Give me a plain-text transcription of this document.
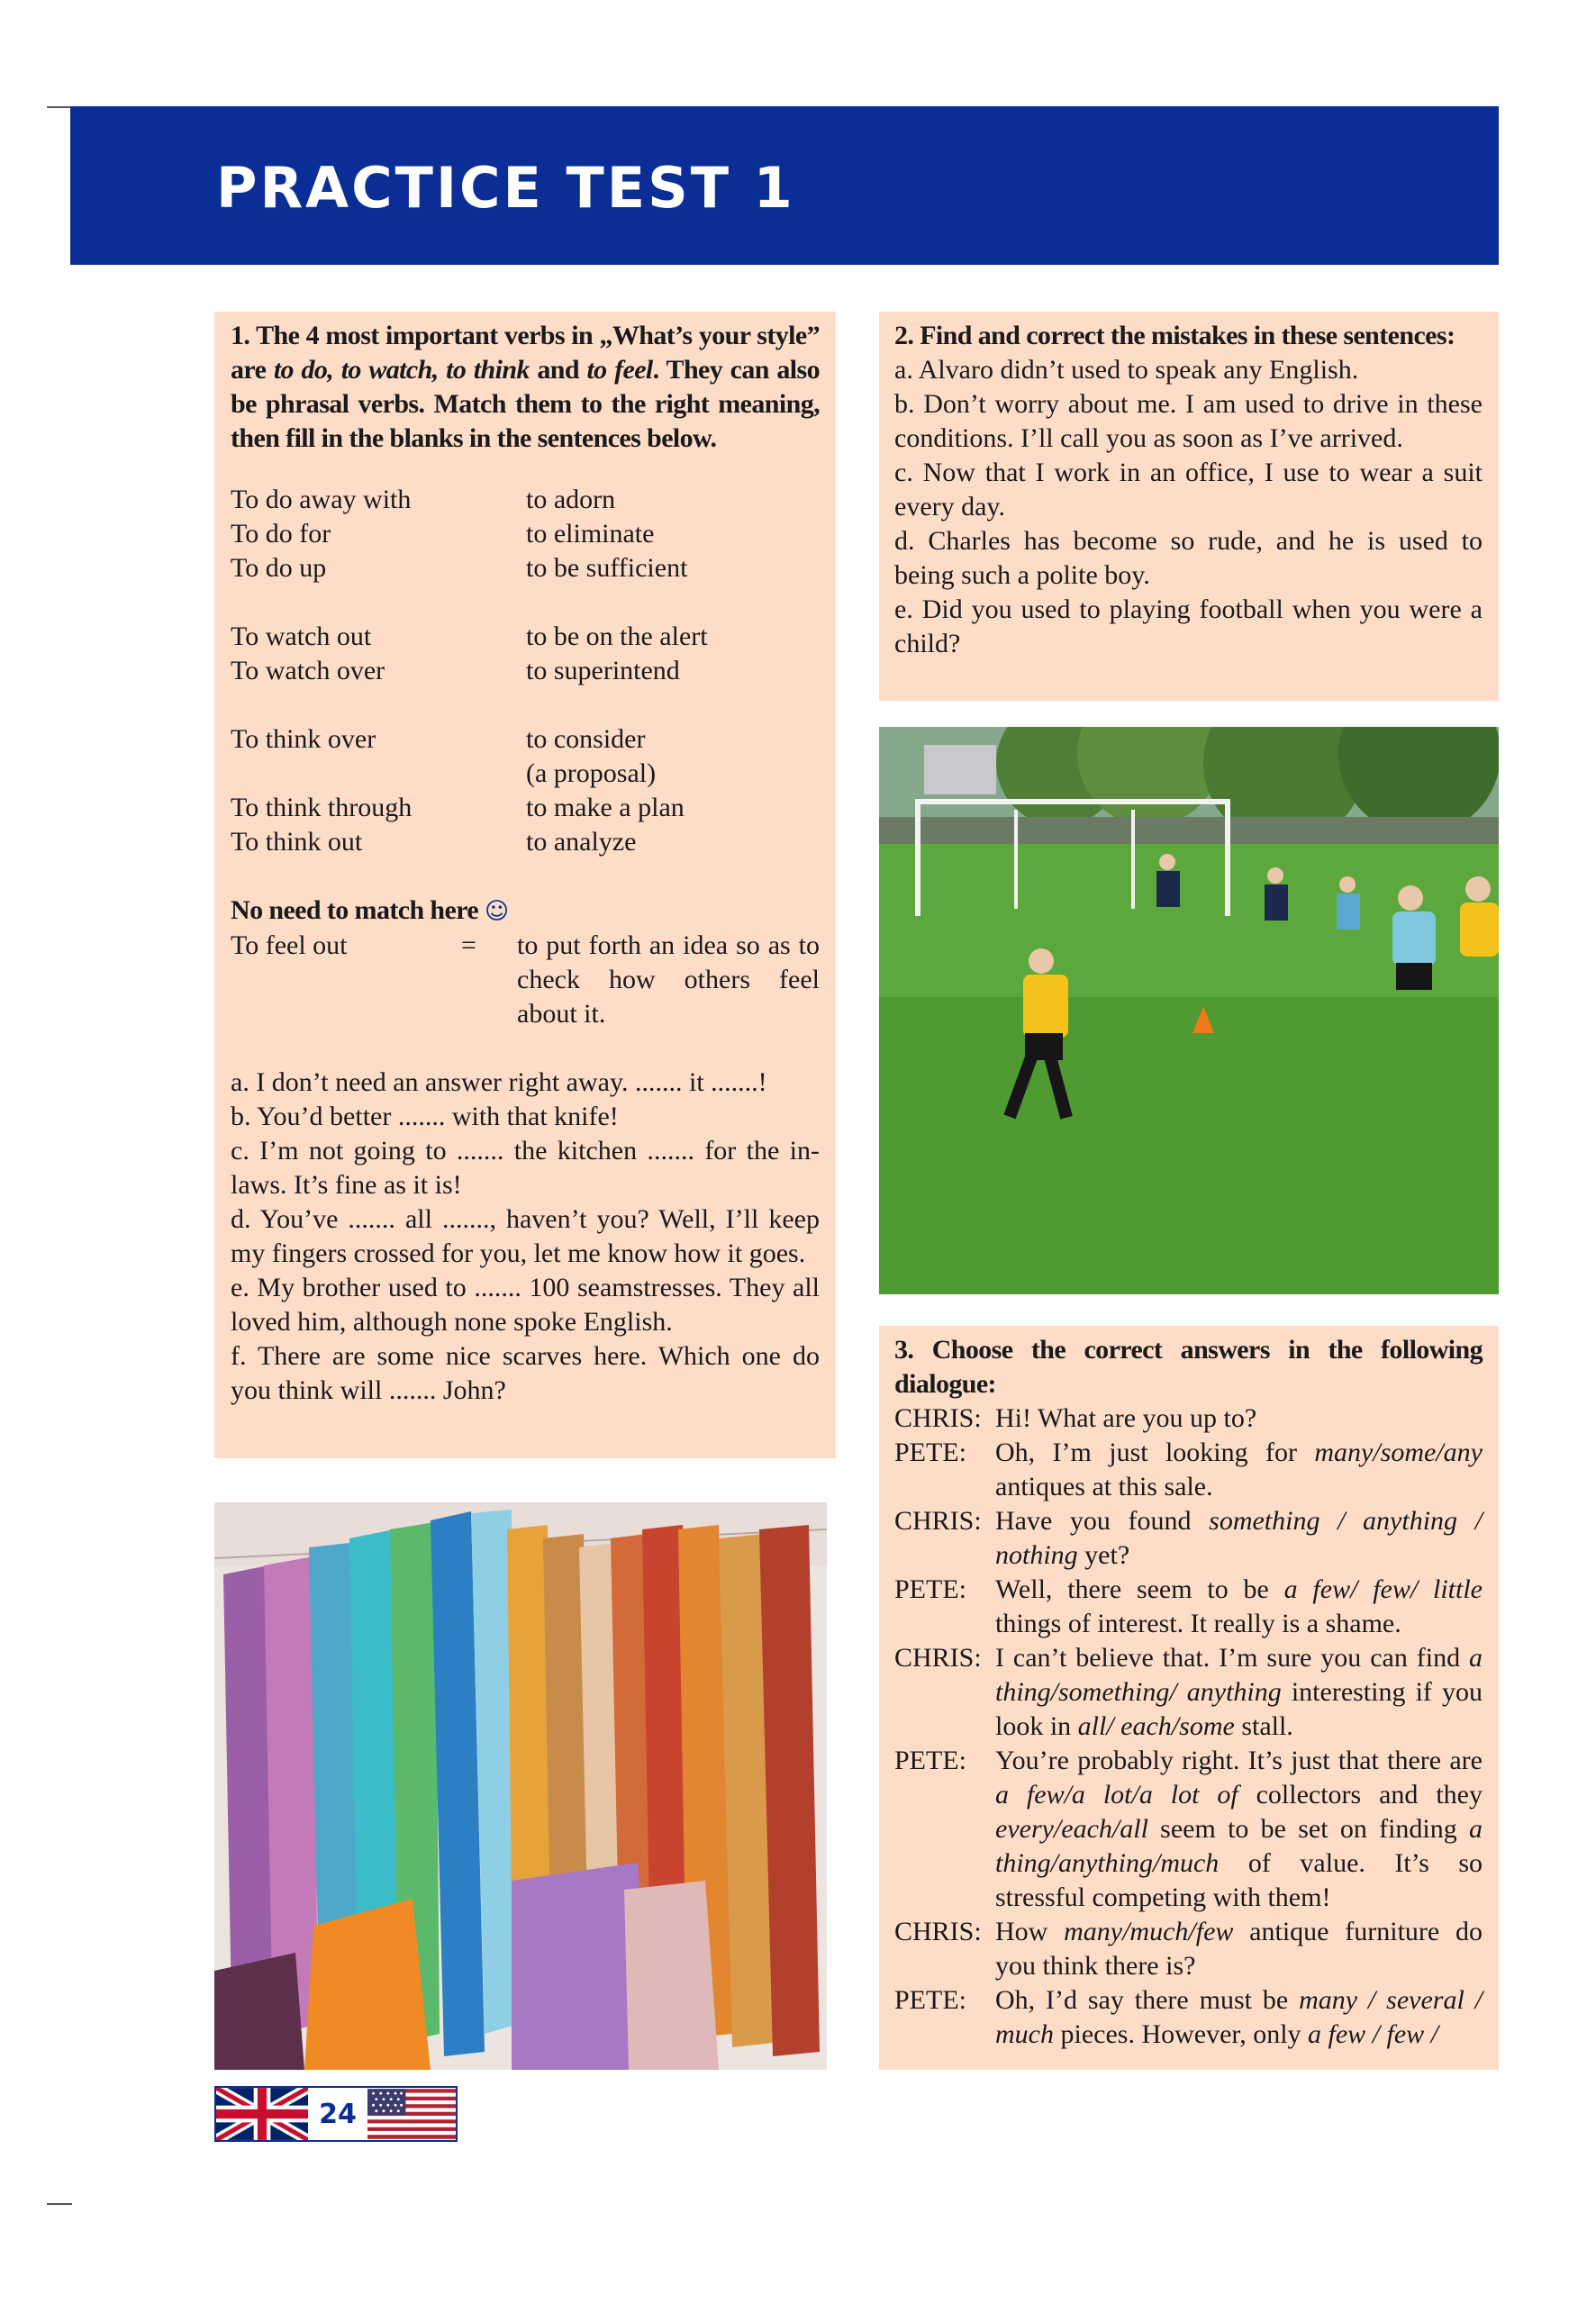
PRACTICE TEST 1
1. The 4 most important verbs in „What’s your style” are to do, to watch, to think and to feel. They can also be phrasal verbs. Match them to the right meaning, then fill in the blanks in the sentences below.
To do away with	to adorn
To do for	to eliminate
To do up	to be sufficient
To watch out	to be on the alert
To watch over	to superintend
To think over	to consider
(a proposal)
To think through	to make a plan
To think out	to analyze
No need to match here ☺
To feel out	=	to put forth an idea so as to check how others feel about it.
a. I don’t need an answer right away. ....... it .......!
b. You’d better ....... with that knife!
c. I’m not going to ....... the kitchen ....... for the in-laws. It’s fine as it is!
d. You’ve ....... all ......., haven’t you? Well, I’ll keep my fingers crossed for you, let me know how it goes.
e. My brother used to ....... 100 seamstresses. They all loved him, although none spoke English.
f. There are some nice scarves here. Which one do you think will ....... John?
2. Find and correct the mistakes in these sentences:
a. Alvaro didn’t used to speak any English.
b. Don’t worry about me. I am used to drive in these conditions. I’ll call you as soon as I’ve arrived.
c. Now that I work in an office, I use to wear a suit every day.
d. Charles has become so rude, and he is used to being such a polite boy.
e. Did you used to playing football when you were a child?
3. Choose the correct answers in the following dialogue:
CHRIS: Hi! What are you up to?
PETE:	Oh, I’m just looking for many/some/any antiques at this sale.
CHRIS: Have you found something / anything / nothing yet?
PETE:	Well, there seem to be a few/ few/ little things of interest. It really is a shame.
CHRIS: I can’t believe that. I’m sure you can find a thing/something/ anything interesting if you look in all/ each/some stall.
PETE:	You’re probably right. It’s just that there are a few/a lot/a lot of collectors and they every/each/all seem to be set on finding a thing/anything/much of value. It’s so stressful competing with them!
CHRIS: How many/much/few antique furniture do you think there is?
PETE:	Oh, I’d say there must be many / several / much pieces. However, only a few / few /
24
